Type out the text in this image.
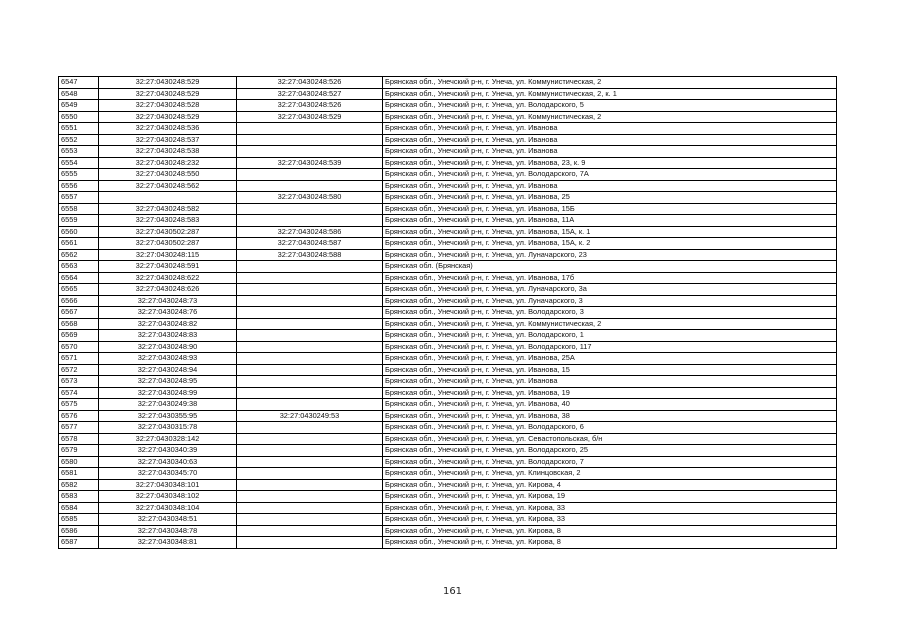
6547	32:27:0430248:529	32:27:0430248:526	Брянская обл., Унечский р-н, г. Унеча, ул. Коммунистическая, 2
6548	32:27:0430248:529	32:27:0430248:527	Брянская обл., Унечский р-н, г. Унеча, ул. Коммунистическая, 2, к. 1
6549	32:27:0430248:528	32:27:0430248:526	Брянская обл., Унечский р-н, г. Унеча, ул. Володарского, 5
6550	32:27:0430248:529	32:27:0430248:529	Брянская обл., Унечский р-н, г. Унеча, ул. Коммунистическая, 2
6551	32:27:0430248:536		Брянская обл., Унечский р-н, г. Унеча, ул. Иванова
6552	32:27:0430248:537		Брянская обл., Унечский р-н, г. Унеча, ул. Иванова
6553	32:27:0430248:538		Брянская обл., Унечский р-н, г. Унеча, ул. Иванова
6554	32:27:0430248:232	32:27:0430248:539	Брянская обл., Унечский р-н, г. Унеча, ул. Иванова, 23, к. 9
6555	32:27:0430248:550		Брянская обл., Унечский р-н, г. Унеча, ул. Володарского, 7А
6556	32:27:0430248:562		Брянская обл., Унечский р-н, г. Унеча, ул. Иванова
6557		32:27:0430248:580	Брянская обл., Унечский р-н, г. Унеча, ул. Иванова, 25
6558	32:27:0430248:582		Брянская обл., Унечский р-н, г. Унеча, ул. Иванова, 15Б
6559	32:27:0430248:583		Брянская обл., Унечский р-н, г. Унеча, ул. Иванова, 11А
6560	32:27:0430502:287	32:27:0430248:586	Брянская обл., Унечский р-н, г. Унеча, ул. Иванова, 15А, к. 1
6561	32:27:0430502:287	32:27:0430248:587	Брянская обл., Унечский р-н, г. Унеча, ул. Иванова, 15А, к. 2
6562	32:27:0430248:115	32:27:0430248:588	Брянская обл., Унечский р-н, г. Унеча, ул. Луначарского, 23
6563	32:27:0430248:591		Брянская обл. (Брянская)
6564	32:27:0430248:622		Брянская обл., Унечский р-н, г. Унеча, ул. Иванова, 17б
6565	32:27:0430248:626		Брянская обл., Унечский р-н, г. Унеча, ул. Луначарского, 3а
6566	32:27:0430248:73		Брянская обл., Унечский р-н, г. Унеча, ул. Луначарского, 3
6567	32:27:0430248:76		Брянская обл., Унечский р-н, г. Унеча, ул. Володарского, 3
6568	32:27:0430248:82		Брянская обл., Унечский р-н, г. Унеча, ул. Коммунистическая, 2
6569	32:27:0430248:83		Брянская обл., Унечский р-н, г. Унеча, ул. Володарского, 1
6570	32:27:0430248:90		Брянская обл., Унечский р-н, г. Унеча, ул. Володарского, 117
6571	32:27:0430248:93		Брянская обл., Унечский р-н, г. Унеча, ул. Иванова, 25А
6572	32:27:0430248:94		Брянская обл., Унечский р-н, г. Унеча, ул. Иванова, 15
6573	32:27:0430248:95		Брянская обл., Унечский р-н, г. Унеча, ул. Иванова
6574	32:27:0430248:99		Брянская обл., Унечский р-н, г. Унеча, ул. Иванова, 19
6575	32:27:0430249:38		Брянская обл., Унечский р-н, г. Унеча, ул. Иванова, 40
6576	32:27:0430355:95	32:27:0430249:53	Брянская обл., Унечский р-н, г. Унеча, ул. Иванова, 38
6577	32:27:0430315:78		Брянская обл., Унечский р-н, г. Унеча, ул. Володарского, 6
6578	32:27:0430328:142		Брянская обл., Унечский р-н, г. Унеча, ул. Севастопольская, б/н
6579	32:27:0430340:39		Брянская обл., Унечский р-н, г. Унеча, ул. Володарского, 25
6580	32:27:0430340:63		Брянская обл., Унечский р-н, г. Унеча, ул. Володарского, 7
6581	32:27:0430345:70		Брянская обл., Унечский р-н, г. Унеча, ул. Клинцовская, 2
6582	32:27:0430348:101		Брянская обл., Унечский р-н, г. Унеча, ул. Кирова, 4
6583	32:27:0430348:102		Брянская обл., Унечский р-н, г. Унеча, ул. Кирова, 19
6584	32:27:0430348:104		Брянская обл., Унечский р-н, г. Унеча, ул. Кирова, 33
6585	32:27:0430348:51		Брянская обл., Унечский р-н, г. Унеча, ул. Кирова, 33
6586	32:27:0430348:78		Брянская обл., Унечский р-н, г. Унеча, ул. Кирова, 8
6587	32:27:0430348:81		Брянская обл., Унечский р-н, г. Унеча, ул. Кирова, 8
161
